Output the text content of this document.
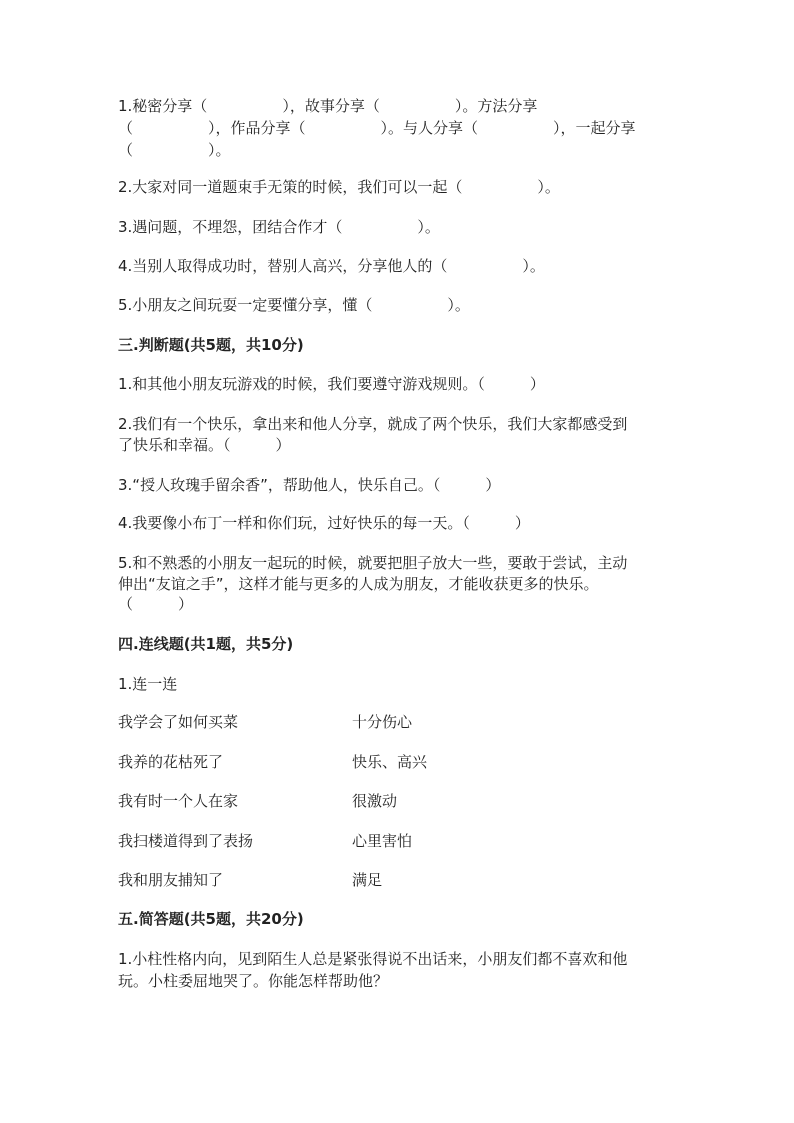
1.秘密分享（　　　　　），故事分享（　　　　　）。方法分享
（　　　　　），作品分享（　　　　　）。与人分享（　　　　　），一起分享
（　　　　　）。
2.大家对同一道题束手无策的时候，我们可以一起（　　　　　）。
3.遇问题，不埋怨，团结合作才（　　　　　）。
4.当别人取得成功时，替别人高兴，分享他人的（　　　　　）。
5.小朋友之间玩耍一定要懂分享，懂（　　　　　）。
三.判断题(共5题，共10分)
1.和其他小朋友玩游戏的时候，我们要遵守游戏规则。（　　　）
2.我们有一个快乐，拿出来和他人分享，就成了两个快乐，我们大家都感受到
了快乐和幸福。（　　　）
3.“授人玫瑰手留余香”，帮助他人，快乐自己。（　　　）
4.我要像小布丁一样和你们玩，过好快乐的每一天。（　　　）
5.和不熟悉的小朋友一起玩的时候，就要把胆子放大一些，要敢于尝试，主动
伸出“友谊之手”，这样才能与更多的人成为朋友，才能收获更多的快乐。
（　　　）
四.连线题(共1题，共5分)
1.连一连
我学会了如何买菜	十分伤心
我养的花枯死了	快乐、高兴
我有时一个人在家	很激动
我扫楼道得到了表扬	心里害怕
我和朋友捕知了	满足
五.简答题(共5题，共20分)
1.小柱性格内向，见到陌生人总是紧张得说不出话来，小朋友们都不喜欢和他
玩。小柱委屈地哭了。你能怎样帮助他？
